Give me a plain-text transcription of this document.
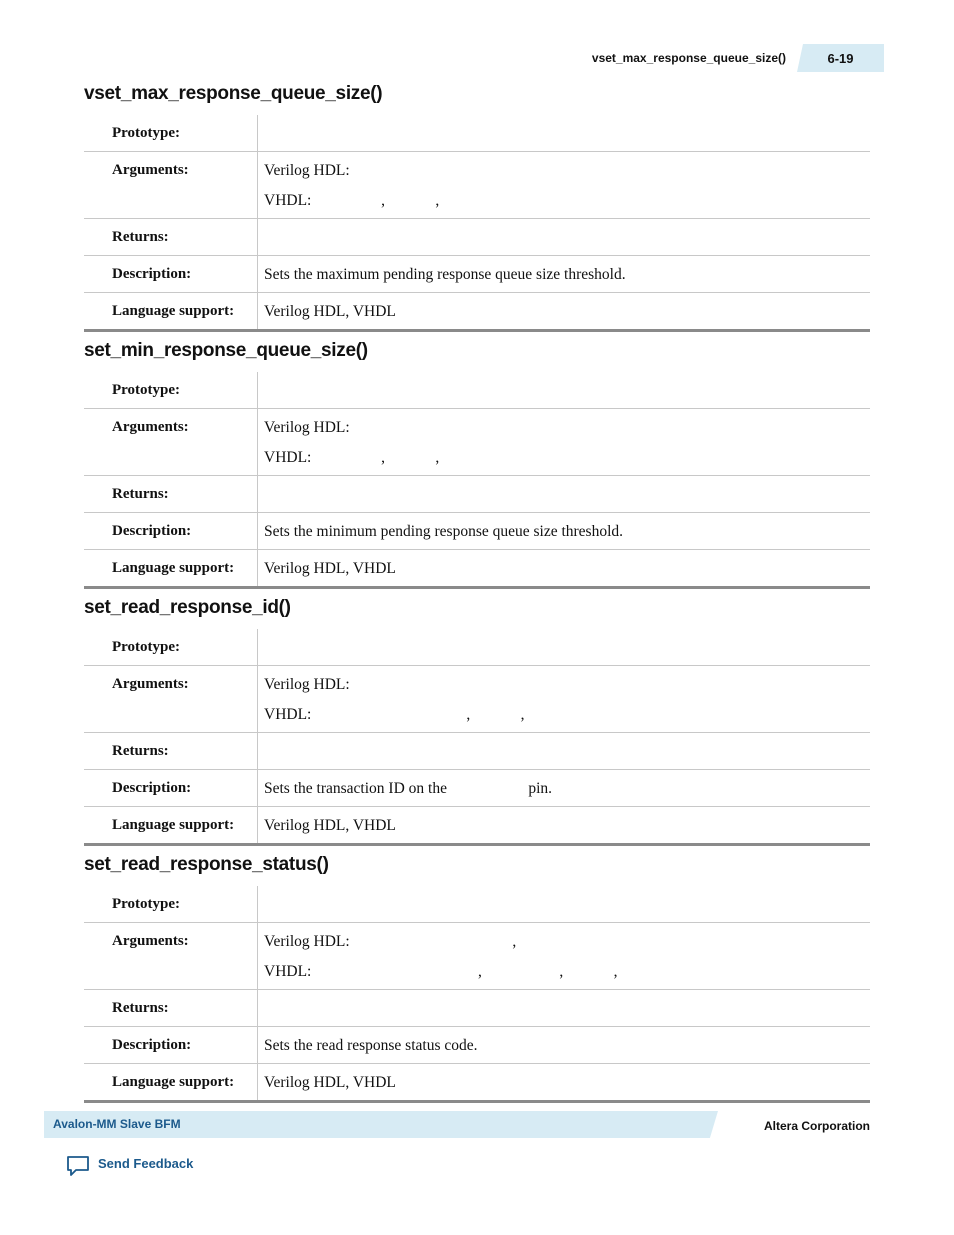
vset_max_response_queue_size()	6-19
vset_max_response_queue_size()
Prototype:
Arguments:	Verilog HDL:
VHDL:                  ,             ,
Returns:
Description:	Sets the maximum pending response queue size threshold.
Language support:	Verilog HDL, VHDL
set_min_response_queue_size()
Prototype:
Arguments:	Verilog HDL:
VHDL:                  ,             ,
Returns:
Description:	Sets the minimum pending response queue size threshold.
Language support:	Verilog HDL, VHDL
set_read_response_id()
Prototype:
Arguments:	Verilog HDL:
VHDL:                                        ,             ,
Returns:
Description:	Sets the transaction ID on the                     pin.
Language support:	Verilog HDL, VHDL
set_read_response_status()
Prototype:
Arguments:	Verilog HDL:                                          ,
VHDL:                                           ,                    ,             ,
Returns:
Description:	Sets the read response status code.
Language support:	Verilog HDL, VHDL
Avalon-MM Slave BFM	Altera Corporation
Send Feedback
